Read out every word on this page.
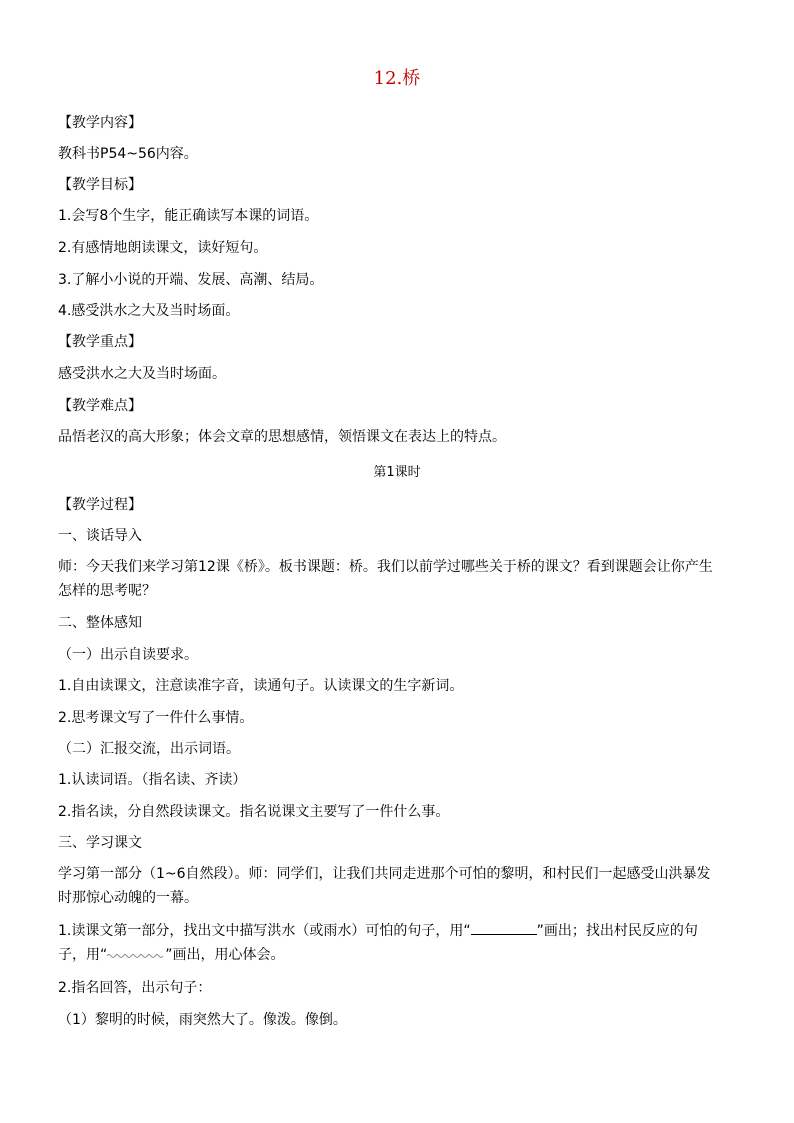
12.桥
【教学内容】
教科书P54~56内容。
【教学目标】
1.会写8个生字，能正确读写本课的词语。
2.有感情地朗读课文，读好短句。
3.了解小小说的开端、发展、高潮、结局。
4.感受洪水之大及当时场面。
【教学重点】
感受洪水之大及当时场面。
【教学难点】
品悟老汉的高大形象；体会文章的思想感情，领悟课文在表达上的特点。
第1课时
【教学过程】
一、谈话导入
师：今天我们来学习第12课《桥》。板书课题：桥。我们以前学过哪些关于桥的课文？看到课题会让你产生怎样的思考呢？
二、整体感知
（一）出示自读要求。
1.自由读课文，注意读准字音，读通句子。认读课文的生字新词。
2.思考课文写了一件什么事情。
（二）汇报交流，出示词语。
1.认读词语。（指名读、齐读）
2.指名读，分自然段读课文。指名说课文主要写了一件什么事。
三、学习课文
学习第一部分（1~6自然段）。师：同学们，让我们共同走进那个可怕的黎明，和村民们一起感受山洪暴发时那惊心动魄的一幕。
1.读课文第一部分，找出文中描写洪水（或雨水）可怕的句子，用“	”画出；找出村民反应的句子，用“	”画出，用心体会。
2.指名回答，出示句子：
（1）黎明的时候，雨突然大了。像泼。像倒。
